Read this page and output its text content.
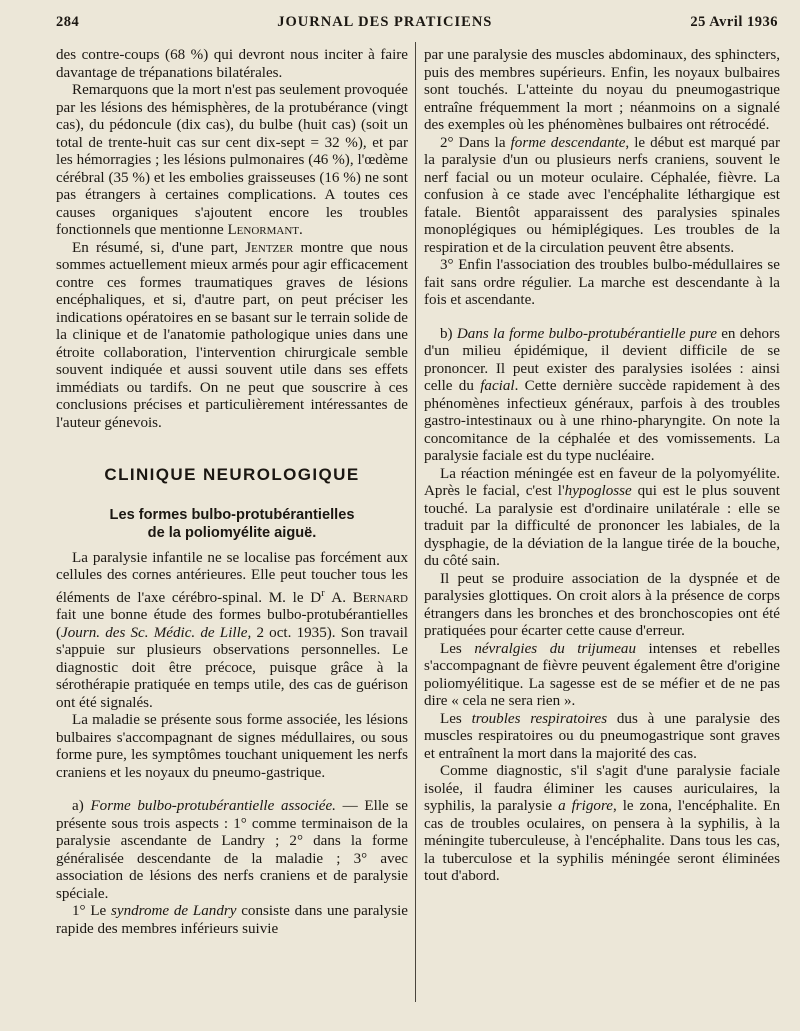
284	JOURNAL DES PRATICIENS	25 Avril 1936

des contre-coups (68 %) qui devront nous inciter à faire davantage de trépanations bilatérales.

Remarquons que la mort n'est pas seulement provoquée par les lésions des hémisphères, de la protubérance (vingt cas), du pédoncule (dix cas), du bulbe (huit cas) (soit un total de trente-huit cas sur cent dix-sept = 32 %), et par les hémorragies ; les lésions pulmonaires (46 %), l'œdème cérébral (35 %) et les embolies graisseuses (16 %) ne sont pas étrangers à certaines complications. A toutes ces causes organiques s'ajoutent encore les troubles fonctionnels que mentionne Lenormant.

En résumé, si, d'une part, Jentzer montre que nous sommes actuellement mieux armés pour agir efficacement contre ces formes traumatiques graves de lésions encéphaliques, et si, d'autre part, on peut préciser les indications opératoires en se basant sur le terrain solide de la clinique et de l'anatomie pathologique unies dans une étroite collaboration, l'intervention chirurgicale semble souvent indiquée et aussi souvent utile dans ses effets immédiats ou tardifs. On ne peut que souscrire à ces conclusions précises et particulièrement intéressantes de l'auteur génevois.

CLINIQUE NEUROLOGIQUE
Les formes bulbo-protubérantielles
de la poliomyélite aiguë.

La paralysie infantile ne se localise pas forcément aux cellules des cornes antérieures. Elle peut toucher tous les éléments de l'axe cérébro-spinal. M. le $D^r$ A. Bernard fait une bonne étude des formes bulbo-protubérantielles (Journ. des Sc. Médic. de Lille, 2 oct. 1935). Son travail s'appuie sur plusieurs observations personnelles. Le diagnostic doit être précoce, puisque grâce à la sérothérapie pratiquée en temps utile, des cas de guérison ont été signalés.

La maladie se présente sous forme associée, les lésions bulbaires s'accompagnant de signes médullaires, ou sous forme pure, les symptômes touchant uniquement les nerfs craniens et les noyaux du pneumo-gastrique.

a) Forme bulbo-protubérantielle associée. — Elle se présente sous trois aspects : 1° comme terminaison de la paralysie ascendante de Landry ; 2° dans la forme généralisée descendante de la maladie ; 3° avec association de lésions des nerfs craniens et de paralysie spéciale.

1° Le syndrome de Landry consiste dans une paralysie rapide des membres inférieurs suivie

par une paralysie des muscles abdominaux, des sphincters, puis des membres supérieurs. Enfin, les noyaux bulbaires sont touchés. L'atteinte du noyau du pneumogastrique entraîne fréquemment la mort ; néanmoins on a signalé des exemples où les phénomènes bulbaires ont rétrocédé.

2° Dans la forme descendante, le début est marqué par la paralysie d'un ou plusieurs nerfs craniens, souvent le nerf facial ou un moteur oculaire. Céphalée, fièvre. La confusion à ce stade avec l'encéphalite léthargique est fatale. Bientôt apparaissent des paralysies spinales monoplégiques ou hémiplégiques. Les troubles de la respiration et de la circulation peuvent être absents.

3° Enfin l'association des troubles bulbo-médullaires se fait sans ordre régulier. La marche est descendante à la fois et ascendante.

b) Dans la forme bulbo-protubérantielle pure en dehors d'un milieu épidémique, il devient difficile de se prononcer. Il peut exister des paralysies isolées : ainsi celle du facial. Cette dernière succède rapidement à des phénomènes infectieux généraux, parfois à des troubles gastro-intestinaux ou à une rhino-pharyngite. On note la concomitance de la céphalée et des vomissements. La paralysie faciale est du type nucléaire.

La réaction méningée est en faveur de la polyomyélite. Après le facial, c'est l'hypoglosse qui est le plus souvent touché. La paralysie est d'ordinaire unilatérale : elle se traduit par la difficulté de prononcer les labiales, de la dysphagie, de la déviation de la langue tirée de la bouche, du côté sain.

Il peut se produire association de la dyspnée et de paralysies glottiques. On croit alors à la présence de corps étrangers dans les bronches et des bronchoscopies ont été pratiquées pour écarter cette cause d'erreur.

Les névralgies du trijumeau intenses et rebelles s'accompagnant de fièvre peuvent également être d'origine poliomyélitique. La sagesse est de se méfier et de ne pas dire « cela ne sera rien ».

Les troubles respiratoires dus à une paralysie des muscles respiratoires ou du pneumogastrique sont graves et entraînent la mort dans la majorité des cas.

Comme diagnostic, s'il s'agit d'une paralysie faciale isolée, il faudra éliminer les causes auriculaires, la syphilis, la paralysie a frigore, le zona, l'encéphalite. En cas de troubles oculaires, on pensera à la syphilis, à la méningite tuberculeuse, à l'encéphalite. Dans tous les cas, la tuberculose et la syphilis méningée seront éliminées tout d'abord.
